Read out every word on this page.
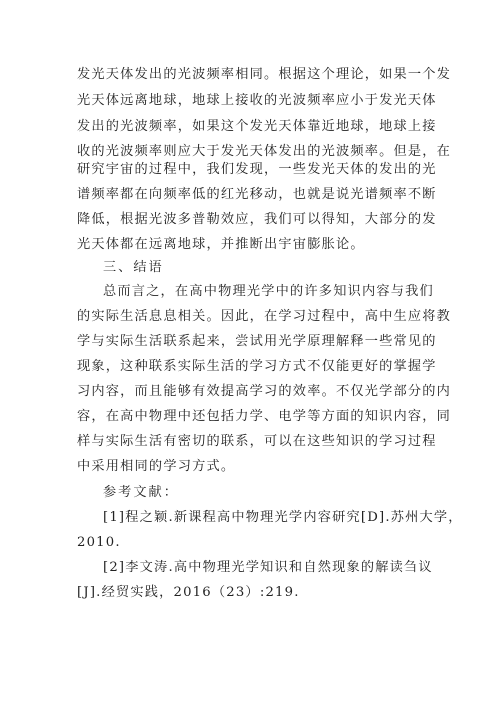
发光天体发出的光波频率相同。根据这个理论，如果一个发
光天体远离地球，地球上接收的光波频率应小于发光天体
发出的光波频率，如果这个发光天体靠近地球，地球上接
收的光波频率则应大于发光天体发出的光波频率。但是，在
研究宇宙的过程中，我们发现，一些发光天体的发出的光
谱频率都在向频率低的红光移动，也就是说光谱频率不断
降低，根据光波多普勒效应，我们可以得知，大部分的发
光天体都在远离地球，并推断出宇宙膨胀论。
三、结语
总而言之，在高中物理光学中的许多知识内容与我们
的实际生活息息相关。因此，在学习过程中，高中生应将教
学与实际生活联系起来，尝试用光学原理解释一些常见的
现象，这种联系实际生活的学习方式不仅能更好的掌握学
习内容，而且能够有效提高学习的效率。不仅光学部分的内
容，在高中物理中还包括力学、电学等方面的知识内容，同
样与实际生活有密切的联系，可以在这些知识的学习过程
中采用相同的学习方式。
参考文献：
[1]程之颖.新课程高中物理光学内容研究[D].苏州大学，
2010.
[2]李文涛.高中物理光学知识和自然现象的解读刍议
[J].经贸实践，2016（23）:219.
